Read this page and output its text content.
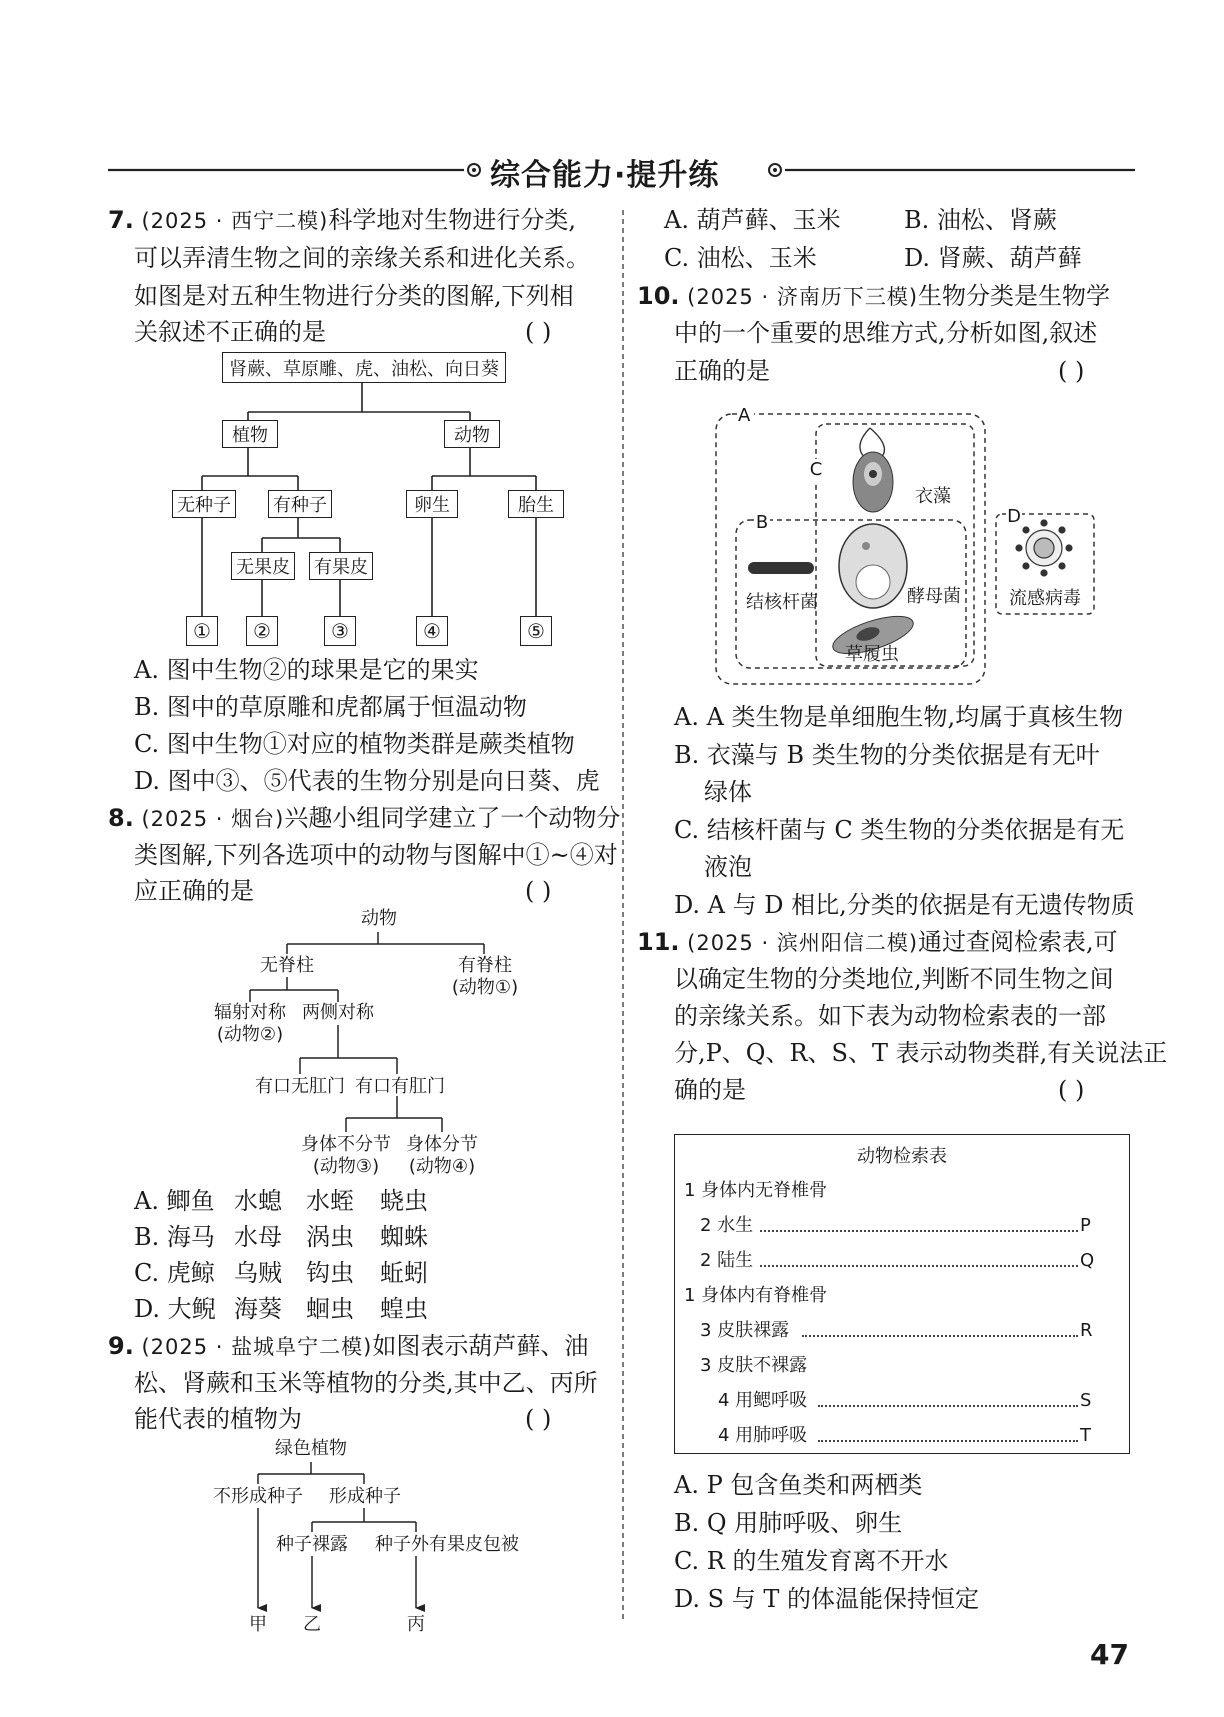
综合能力·提升练
7. (2025 · 西宁二模)科学地对生物进行分类,
可以弄清生物之间的亲缘关系和进化关系。
如图是对五种生物进行分类的图解,下列相
关叙述不正确的是	( )
肾蕨、草原雕、虎、油松、向日葵
植物	动物
无种子 有种子	卵生	胎生
无果皮 有果皮
①	②	③	④	⑤
A. 图中生物②的球果是它的果实
B. 图中的草原雕和虎都属于恒温动物
C. 图中生物①对应的植物类群是蕨类植物
D. 图中③、⑤代表的生物分别是向日葵、虎
8. (2025 · 烟台)兴趣小组同学建立了一个动物分
类图解,下列各选项中的动物与图解中①~④对
应正确的是	( )
动物
无脊柱	有脊柱
(动物①)
辐射对称
(动物②)
两侧对称
有口无肛门 有口有肛门
身体不分节
(动物③)
身体分节
(动物④)
A. 鲫鱼 水螅 水蛭 蛲虫
B. 海马 水母 涡虫 蜘蛛
C. 虎鲸 乌贼 钩虫 蚯蚓
D. 大鲵 海葵 蛔虫 蝗虫
9. (2025 · 盐城阜宁二模)如图表示葫芦藓、油
松、肾蕨和玉米等植物的分类,其中乙、丙所
能代表的植物为	( )
绿色植物
不形成种子	形成种子
种子裸露 种子外有果皮包被
甲 乙	丙
A. 葫芦藓、玉米	B. 油松、肾蕨
C. 油松、玉米	D. 肾蕨、葫芦藓
10. (2025 · 济南历下三模)生物分类是生物学
中的一个重要的思维方式,分析如图,叙述
正确的是	( )
A
C
B	D
衣藻
结核杆菌	酵母菌
草履虫
流感病毒
A. A 类生物是单细胞生物,均属于真核生物
B. 衣藻与 B 类生物的分类依据是有无叶
绿体
C. 结核杆菌与 C 类生物的分类依据是有无
液泡
D. A 与 D 相比,分类的依据是有无遗传物质
11. (2025 · 滨州阳信二模)通过查阅检索表,可
以确定生物的分类地位,判断不同生物之间
的亲缘关系。如下表为动物检索表的一部
分,P、Q、R、S、T 表示动物类群,有关说法正
确的是	( )
动物检索表
1 身体内无脊椎骨
2 水生	P
2 陆生	Q
1 身体内有脊椎骨
3 皮肤裸露	R
3 皮肤不裸露
4 用鳃呼吸	S
4 用肺呼吸	T
A. P 包含鱼类和两栖类
B. Q 用肺呼吸、卵生
C. R 的生殖发育离不开水
D. S 与 T 的体温能保持恒定
47
